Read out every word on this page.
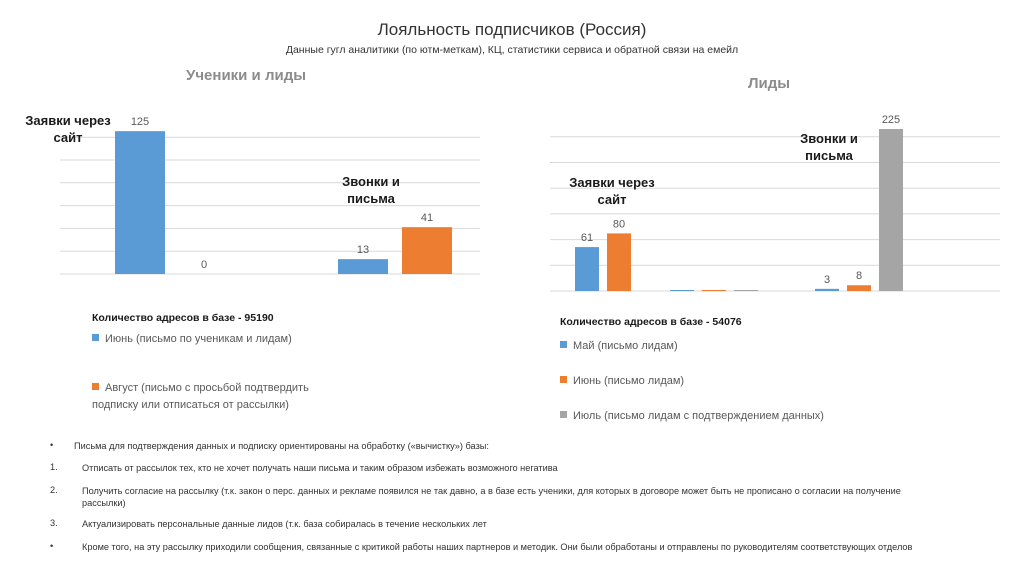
Лояльность подписчиков (Россия)
Данные гугл аналитики (по ютм-меткам), КЦ, статистики сервиса и обратной связи на емейл
Ученики и лиды
125
13
0
41
Заявки через
сайт
Звонки и
письма
Количество адресов в базе - 95190
Июнь (письмо по ученикам и лидам)
Август (письмо с просьбой подтвердить подписку или отписаться от рассылки)
Лиды
61
3
80
8
225
Заявки через
сайт
Звонки и
письма
Количество адресов в базе - 54076
Май (письмо лидам)
Июнь (письмо лидам)
Июль (письмо лидам с подтверждением данных)
• Письма для подтверждения данных и подписку ориентированы на обработку («вычистку») базы:
1.	Отписать от рассылок тех, кто не хочет получать наши письма и таким образом избежать возможного негатива
2.	Получить согласие на рассылку (т.к. закон о перс. данных и рекламе появился не так давно, а в базе есть ученики, для которых в договоре может быть не прописано о согласии на получение рассылки)
3.	Актуализировать персональные данные лидов (т.к. база собиралась в течение нескольких лет
•	Кроме того, на эту рассылку приходили сообщения, связанные с критикой работы наших партнеров и методик. Они были обработаны и отправлены по руководителям соответствующих отделов
